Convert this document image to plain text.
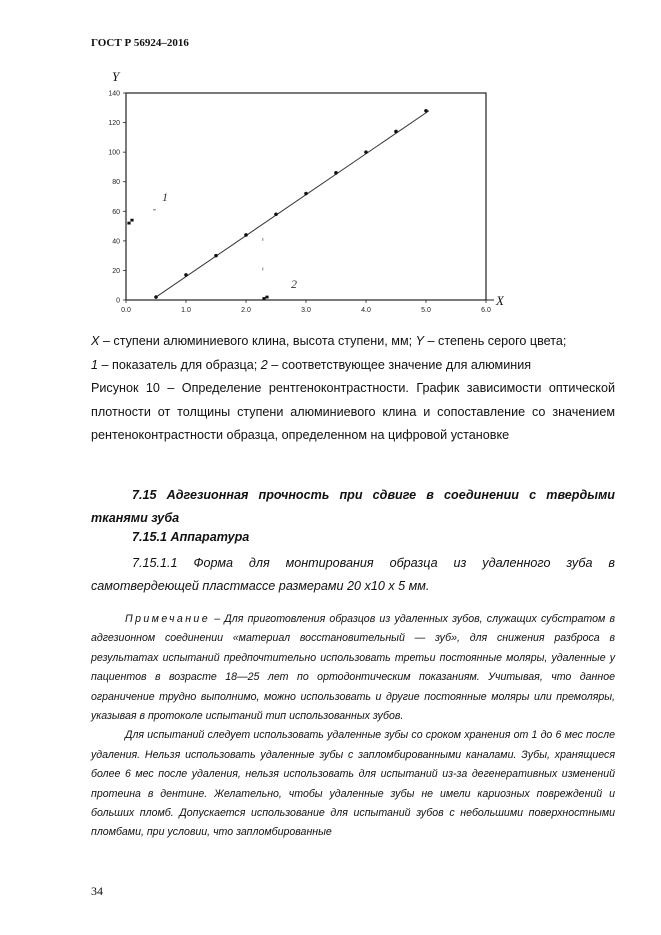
ГОСТ Р 56924–2016
0.0	1.0	2.0	3.0	4.0	5.0	6.0
0
20
40
60
80
100
120
140
X
Y
1
2
X – ступени алюминиевого клина, высота ступени, мм; Y – степень серого цвета;
1 – показатель для образца; 2 – соответствующее значение для алюминия
Рисунок 10 – Определение рентгеноконтрастности. График зависимости оптической плотности от толщины ступени алюминиевого клина и сопоставление со значением рентеноконтрастности образца, определенном на цифровой установке
7.15 Адгезионная прочность при сдвиге в соединении с твердыми тканями зуба
7.15.1 Аппаратура
7.15.1.1 Форма для монтирования образца из удаленного зуба в самотвердеющей пластмассе размерами 20 х10 х 5 мм.

Примечание – Для приготовления образцов из удаленных зубов, служащих субстратом в адгезионном соединении «материал восстановительный — зуб», для снижения разброса в результатах испытаний предпочтительно использовать третьи постоянные моляры, удаленные у пациентов в возрасте 18—25 лет по ортодонтическим показаниям. Учитывая, что данное ограничение трудно выполнимо, можно использовать и другие постоянные моляры или премоляры, указывая в протоколе испытаний тип использованных зубов.

Для испытаний следует использовать удаленные зубы со сроком хранения от 1 до 6 мес после удаления. Нельзя использовать удаленные зубы с запломбированными каналами. Зубы, хранящиеся более 6 мес после удаления, нельзя использовать для испытаний из-за дегенеративных изменений протеина в дентине. Желательно, чтобы удаленные зубы не имели кариозных повреждений и больших пломб. Допускается использование для испытаний зубов с небольшими поверхностными пломбами, при условии, что запломбированные

34
